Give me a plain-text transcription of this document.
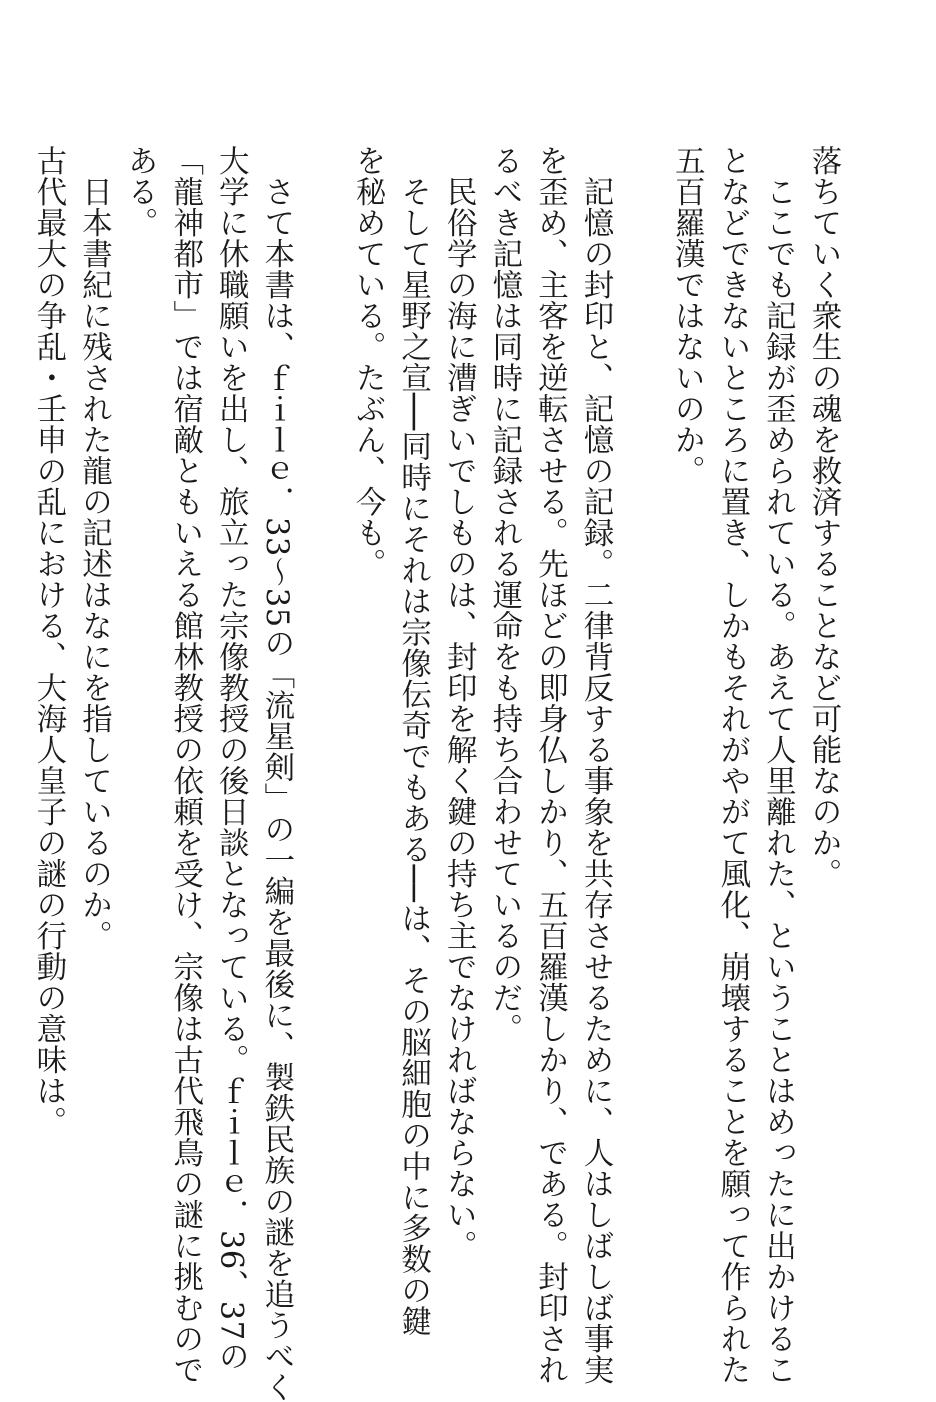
落ちていく衆生の魂を救済することなど可能なのか。
ここでも記録が歪められている。あえて人里離れた、ということはめったに出かけるこ
となどできないところに置き、しかもそれがやがて風化、崩壊することを願って作られた
五百羅漢ではないのか。
記憶の封印と、記憶の記録。二律背反する事象を共存させるために、人はしばしば事実
を歪め、主客を逆転させる。先ほどの即身仏しかり、五百羅漢しかり、である。封印され
るべき記憶は同時に記録される運命をも持ち合わせているのだ。
民俗学の海に漕ぎいでしものは、封印を解く鍵の持ち主でなければならない。
そして星野之宣──同時にそれは宗像伝奇でもある──は、その脳細胞の中に多数の鍵
を秘めている。たぶん、今も。
さて本書は、ｆｉｌｅ．33〜35の「流星剣」の一編を最後に、製鉄民族の謎を追うべく
大学に休職願いを出し、旅立った宗像教授の後日談となっている。ｆｉｌｅ．36、37の
「龍神都市」では宿敵ともいえる館林教授の依頼を受け、宗像は古代飛鳥の謎に挑むので
ある。
日本書紀に残された龍の記述はなにを指しているのか。
古代最大の争乱・壬申の乱における、大海人皇子の謎の行動の意味は。
